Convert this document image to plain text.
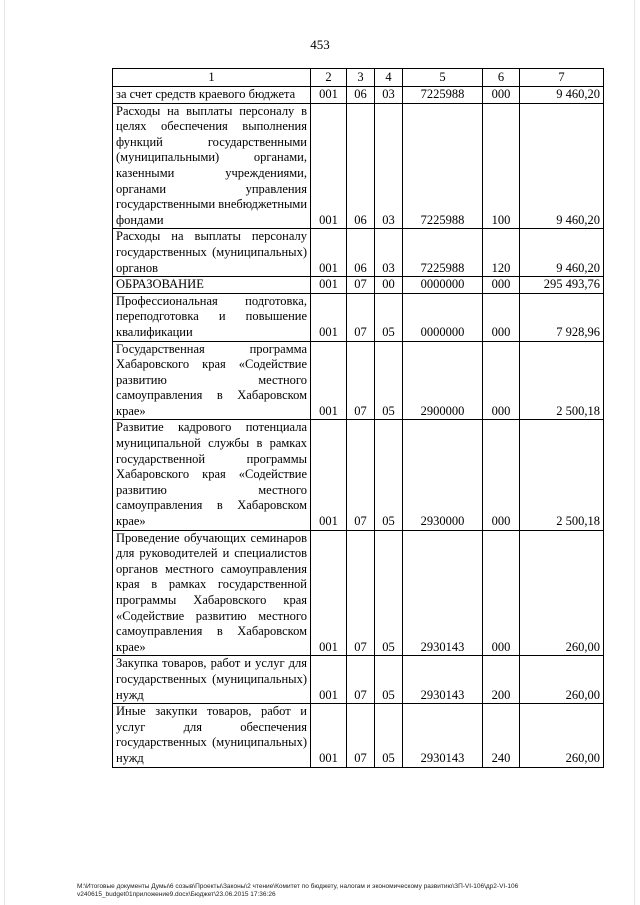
453
1	2	3	4	5	6	7
за счет средств краевого бюджета	001	06	03	7225988	000	9 460,20
Расходы на выплаты персоналу в целях обеспечения выполнения функций государственными (муниципальными) органами, казенными учреждениями, органами управления государственными внебюджетными фондами	001	06	03	7225988	100	9 460,20
Расходы на выплаты персоналу государственных (муниципальных) органов	001	06	03	7225988	120	9 460,20
ОБРАЗОВАНИЕ	001	07	00	0000000	000	295 493,76
Профессиональная подготовка, переподготовка и повышение квалификации	001	07	05	0000000	000	7 928,96
Государственная программа Хабаровского края «Содействие развитию местного самоуправления в Хабаровском крае»	001	07	05	2900000	000	2 500,18
Развитие кадрового потенциала муниципальной службы в рамках государственной программы Хабаровского края «Содействие развитию местного самоуправления в Хабаровском крае»	001	07	05	2930000	000	2 500,18
Проведение обучающих семинаров для руководителей и специалистов органов местного самоуправления края в рамках государственной программы Хабаровского края «Содействие развитию местного самоуправления в Хабаровском крае»	001	07	05	2930143	000	260,00
Закупка товаров, работ и услуг для государственных (муниципальных) нужд	001	07	05	2930143	200	260,00
Иные закупки товаров, работ и услуг для обеспечения государственных (муниципальных) нужд	001	07	05	2930143	240	260,00
М:\Итоговые документы Думы\6 созыв\Проекты\Законы\2 чтение\Комитет по бюджету, налогам и экономическому развитию\ЗП-VI-106\др2-VI-106 v240615_budget01приложение9.docx\Бюджет\23.06.2015 17:36:26
